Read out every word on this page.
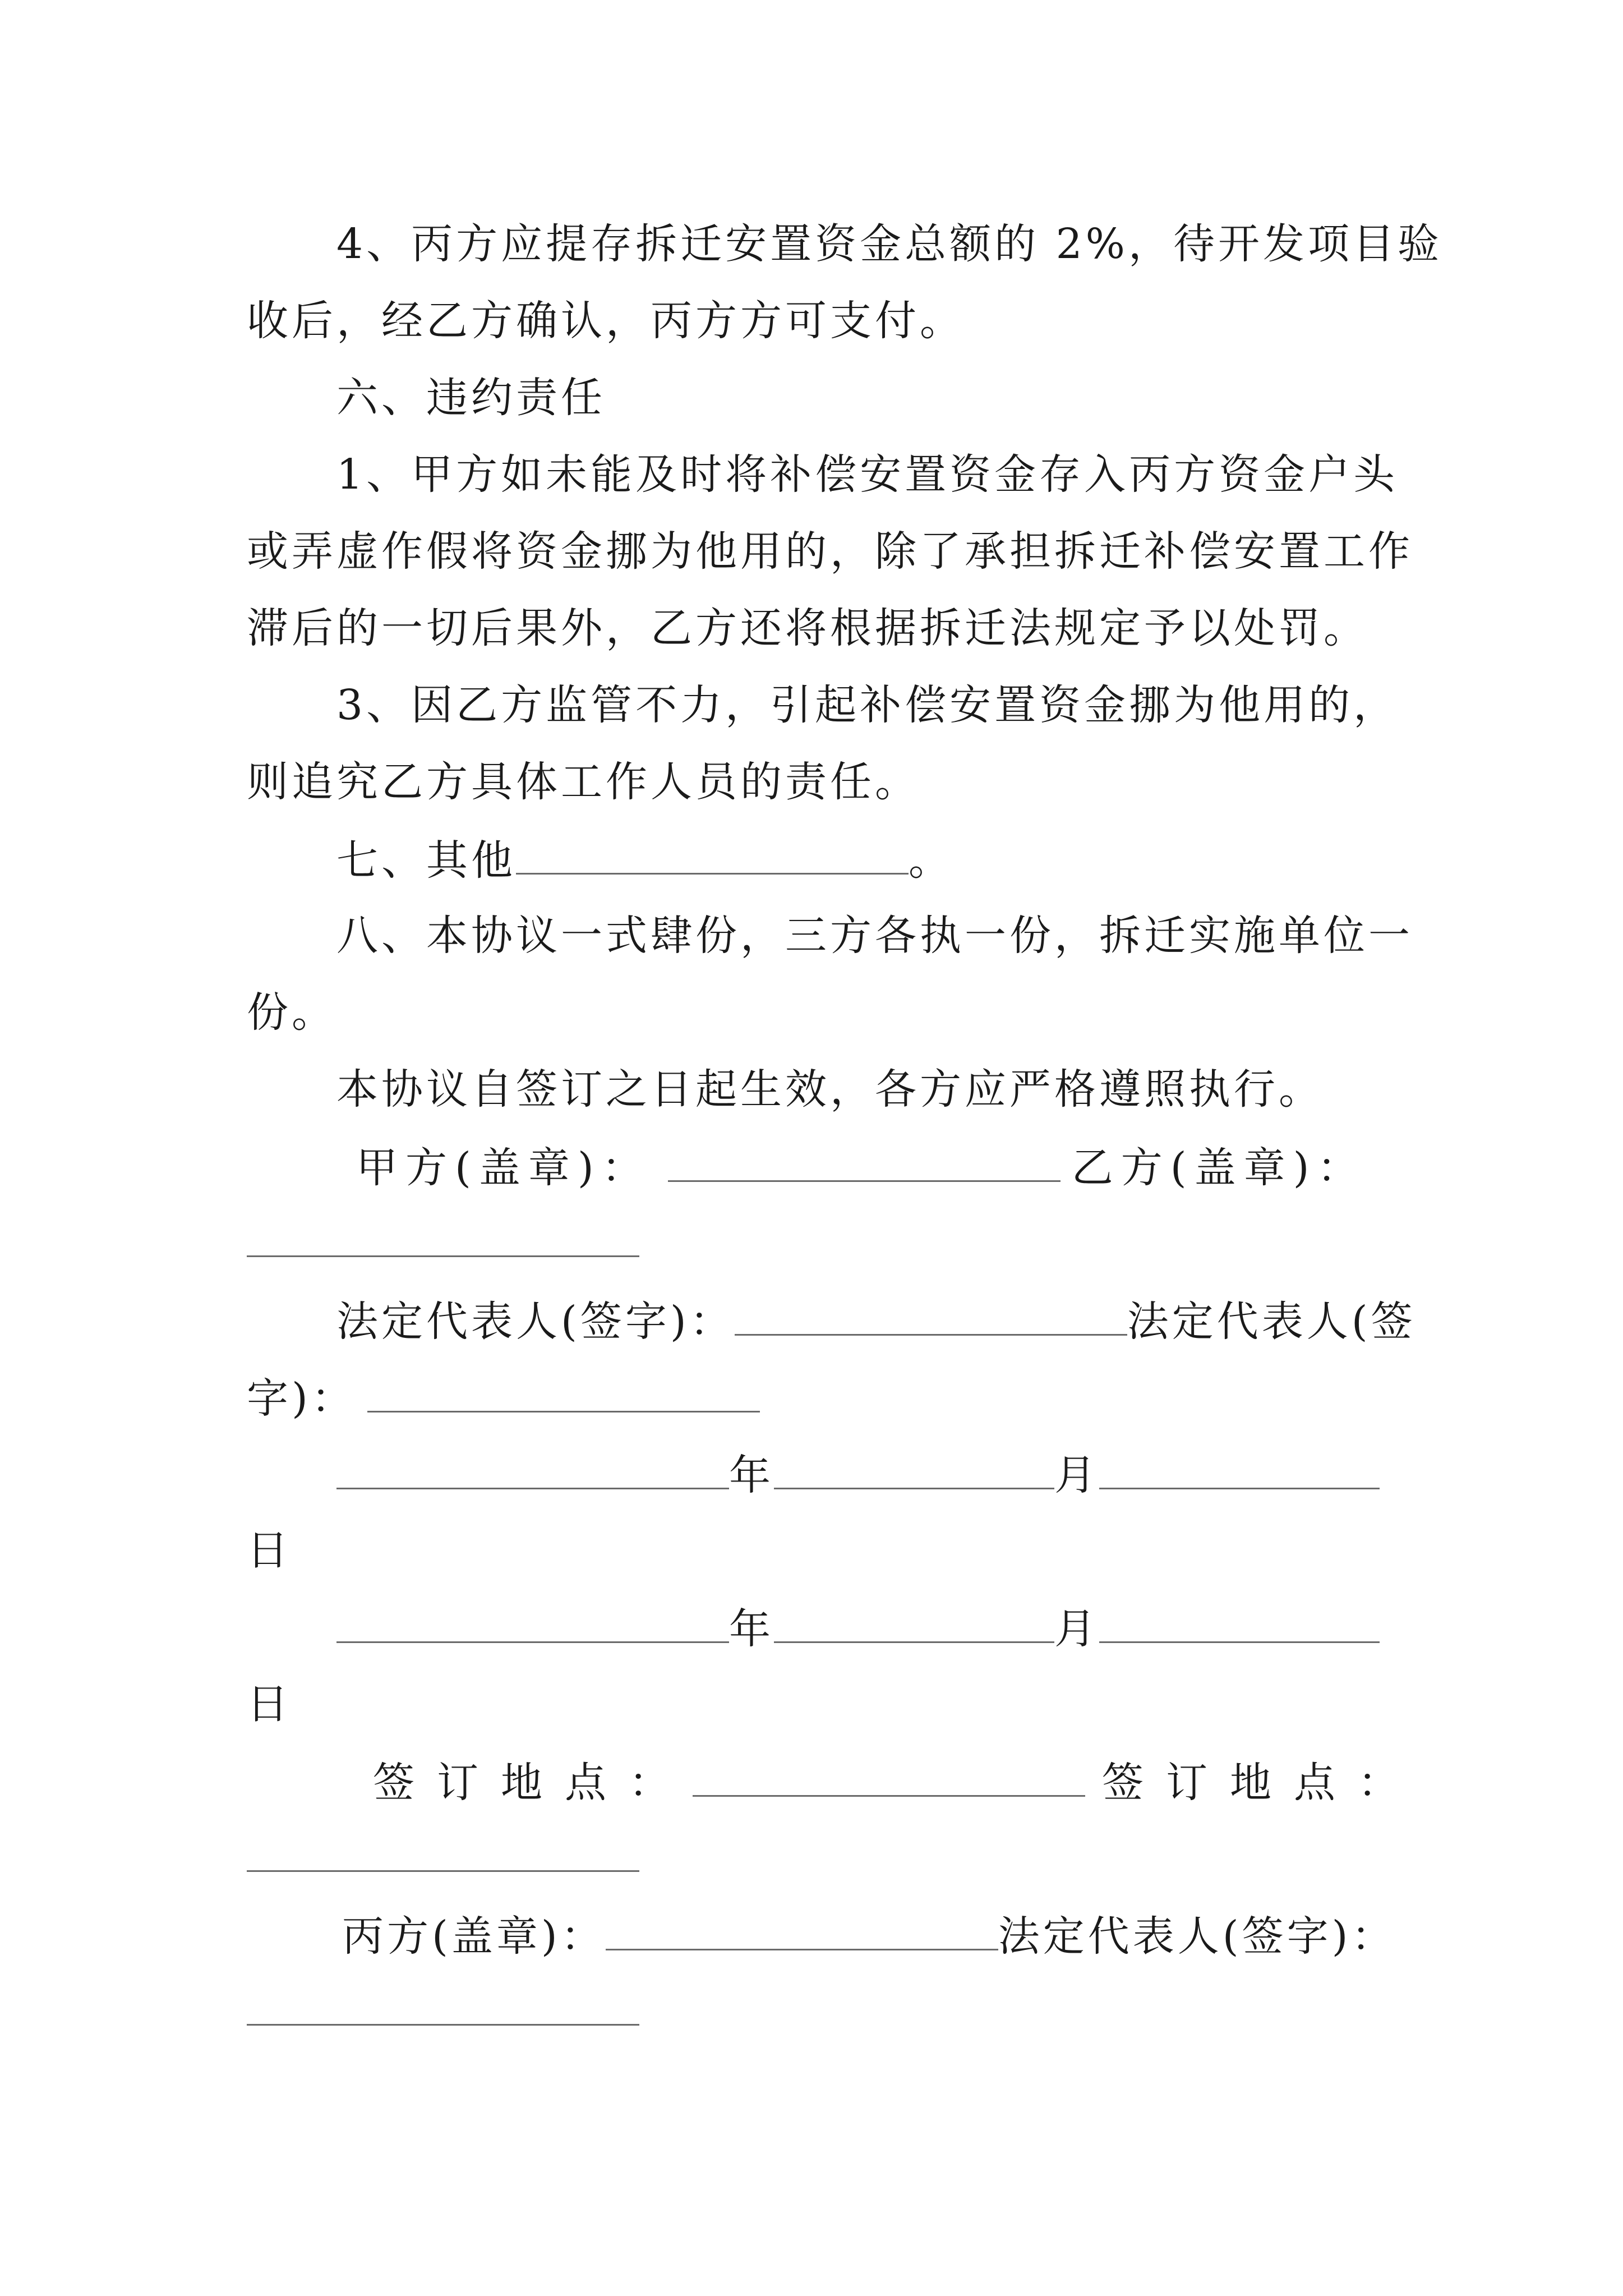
4、丙方应提存拆迁安置资金总额的 2%，待开发项目验
收后，经乙方确认，丙方方可支付。
六、违约责任
1、甲方如未能及时将补偿安置资金存入丙方资金户头
或弄虚作假将资金挪为他用的，除了承担拆迁补偿安置工作
滞后的一切后果外，乙方还将根据拆迁法规定予以处罚。
3、因乙方监管不力，引起补偿安置资金挪为他用的，
则追究乙方具体工作人员的责任。
七、其他	。
八、本协议一式肆份，三方各执一份，拆迁实施单位一
份。
本协议自签订之日起生效，各方应严格遵照执行。
甲方(盖章)：	乙方(盖章)：
法定代表人(签字)：	法定代表人(签
字)：
年	月
日
年	月
日
签订地点：	签订地点：
丙方(盖章)：	法定代表人(签字)：
